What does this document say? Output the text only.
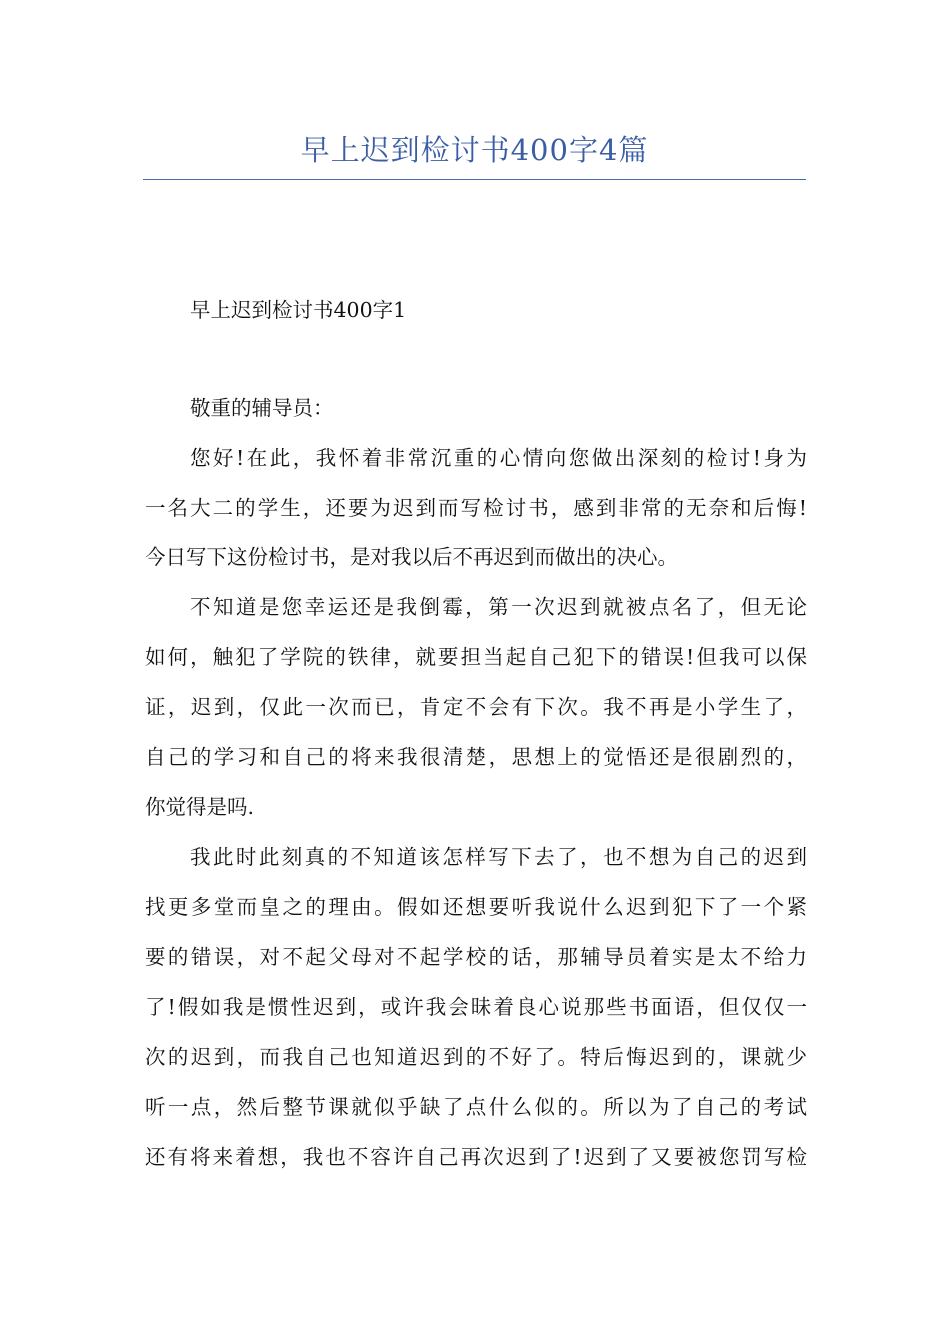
早上迟到检讨书400字4篇

早上迟到检讨书400字1

敬重的辅导员：

您好!在此，我怀着非常沉重的心情向您做出深刻的检讨!身为

一名大二的学生，还要为迟到而写检讨书，感到非常的无奈和后悔!

今日写下这份检讨书，是对我以后不再迟到而做出的决心。

不知道是您幸运还是我倒霉，第一次迟到就被点名了，但无论

如何，触犯了学院的铁律，就要担当起自己犯下的错误!但我可以保

证，迟到，仅此一次而已，肯定不会有下次。我不再是小学生了，

自己的学习和自己的将来我很清楚，思想上的觉悟还是很剧烈的，

你觉得是吗.

我此时此刻真的不知道该怎样写下去了，也不想为自己的迟到

找更多堂而皇之的理由。假如还想要听我说什么迟到犯下了一个紧

要的错误，对不起父母对不起学校的话，那辅导员着实是太不给力

了!假如我是惯性迟到，或许我会昧着良心说那些书面语，但仅仅一

次的迟到，而我自己也知道迟到的不好了。特后悔迟到的，课就少

听一点，然后整节课就似乎缺了点什么似的。所以为了自己的考试

还有将来着想，我也不容许自己再次迟到了!迟到了又要被您罚写检
